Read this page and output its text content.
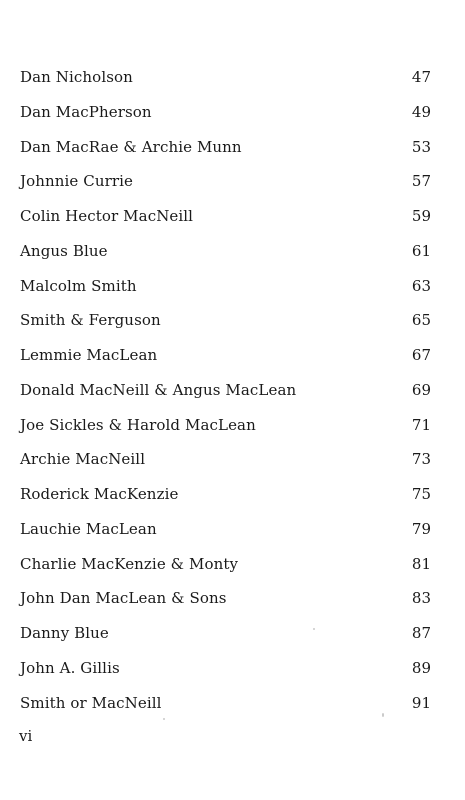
Dan Nicholson	47
Dan MacPherson	49
Dan MacRae & Archie Munn	53
Johnnie Currie	57
Colin Hector MacNeill	59
Angus Blue	61
Malcolm Smith	63
Smith & Ferguson	65
Lemmie MacLean	67
Donald MacNeill & Angus MacLean	69
Joe Sickles & Harold MacLean	71
Archie MacNeill	73
Roderick MacKenzie	75
Lauchie MacLean	79
Charlie MacKenzie & Monty	81
John Dan MacLean & Sons	83
Danny Blue	87
John A. Gillis	89
Smith or MacNeill	91
vi
